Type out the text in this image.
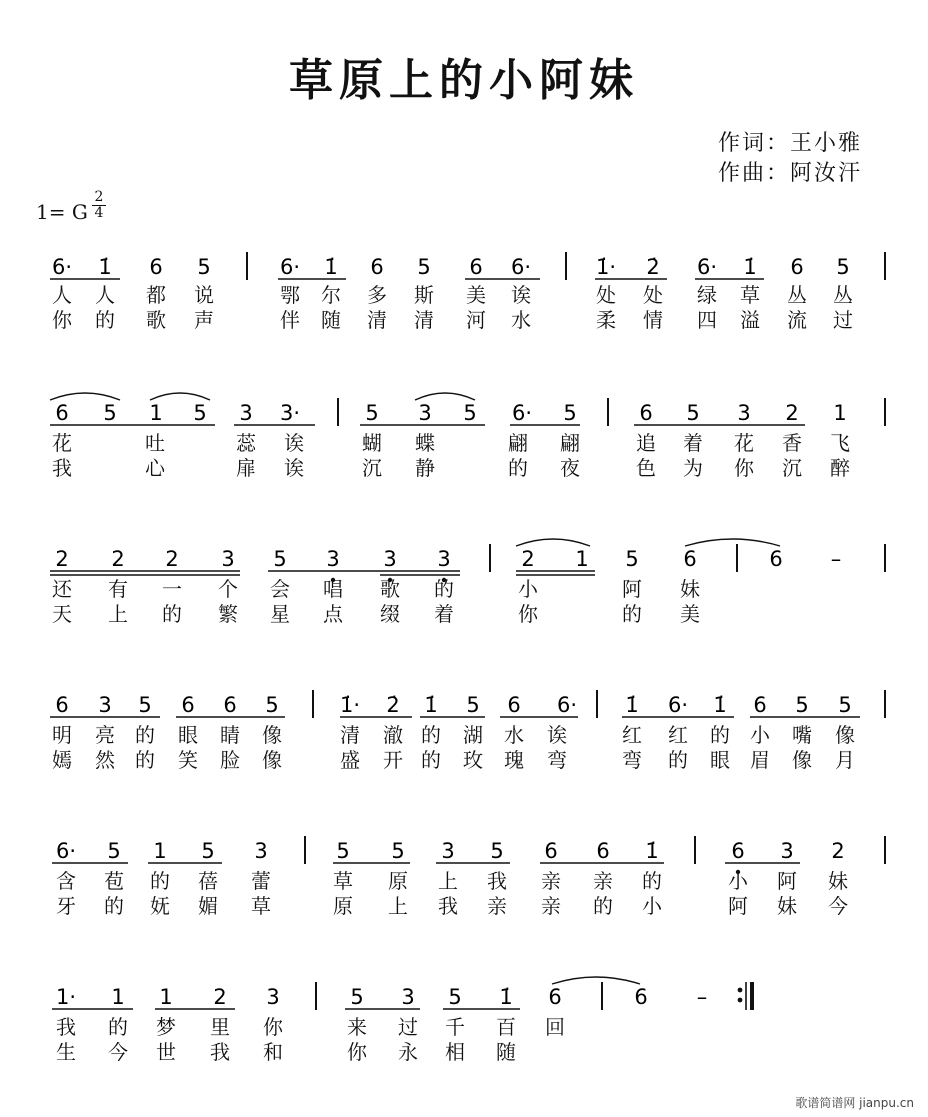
草原上的小阿妹
作词：王小雅
作曲：阿汝汗
1= G
2
4
6· 1̇ 6 5	6· 1̇ 6 5 6 6·	1̇· 2̇ 6· 1̇ 6 5
6 5 1 5 3 3·	5 3 5 6· 5	6 5 3 2 1
2 2 2 3 5 3 3 3	2 1 5 6	6 –
6 3 5 6 6 5	1̇· 2̇ 1̇ 5 6 6· 1̇ 6· 1̇ 6 5 5
6· 5 1 5 3	5 5 3 5 6 6 1̇	6 3 2
1· 1 1 2 3	5 3 5 1̇ 6	6 –
人 人 都 说	鄂 尔 多 斯 美 诶	处 处 绿 草 丛 丛
你 的 歌 声	伴 随 清 清 河 水	柔 情 四 溢 流 过
花	吐	蕊 诶	蝴 蝶	翩 翩	追 着 花 香 飞
我	心	扉 诶	沉 静	的 夜	色 为 你 沉 醉
还 有 一 个 会 唱 歌 的	小	阿 妹
天 上 的 繁 星 点 缀 着	你	的 美
明 亮 的 眼 睛 像	清 澈 的 湖 水 诶	红 红 的 小 嘴 像
嫣 然 的 笑 脸 像	盛 开 的 玫 瑰 弯	弯 的 眼 眉 像 月
含 苞 的 蓓 蕾	草 原 上 我 亲 亲 的	小 阿 妹
牙 的 妩 媚 草	原 上 我 亲 亲 的 小	阿 妹 今
我 的 梦 里 你	来 过 千 百 回
生 今 世 我 和	你 永 相 随
歌谱简谱网 jianpu.cn
